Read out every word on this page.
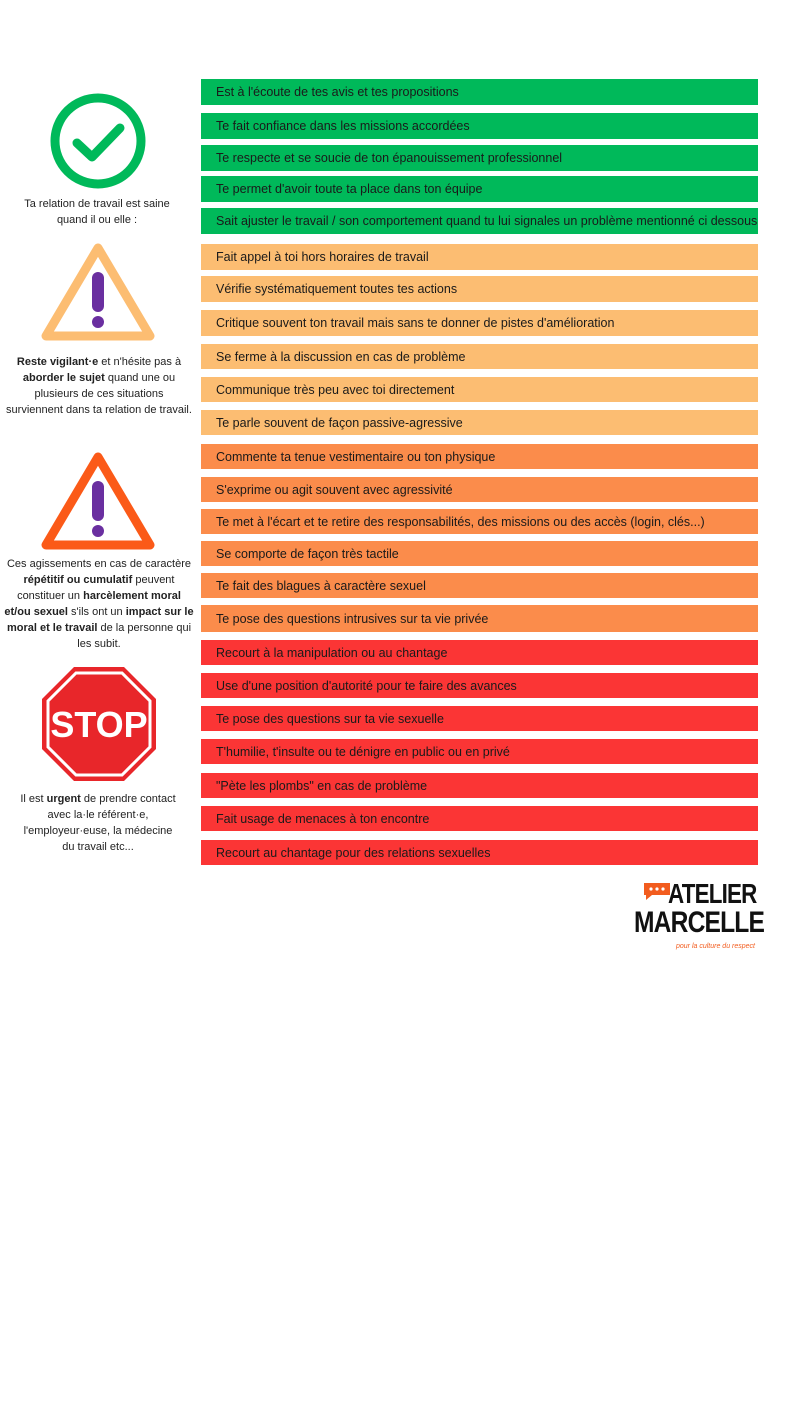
Ta relation de travail est saine quand il ou elle :
Reste vigilant·e et n'hésite pas à aborder le sujet quand une ou plusieurs de ces situations surviennent dans ta relation de travail.
Ces agissements en cas de caractère répétitif ou cumulatif peuvent constituer un harcèlement moral et/ou sexuel s'ils ont un impact sur le moral et le travail de la personne qui les subit.
STOP
Il est urgent de prendre contact avec la·le référent·e, l'employeur·euse, la médecine du travail etc...
Est à l'écoute de tes avis et tes propositions
Te fait confiance dans les missions accordées
Te respecte et se soucie de ton épanouissement professionnel
Te permet d'avoir toute ta place dans ton équipe
Sait ajuster le travail / son comportement quand tu lui signales un problème mentionné ci dessous
Fait appel à toi hors horaires de travail
Vérifie systématiquement toutes tes actions
Critique souvent ton travail mais sans te donner de pistes d'amélioration
Se ferme à la discussion en cas de problème
Communique très peu avec toi directement
Te parle souvent de façon passive-agressive
Commente ta tenue vestimentaire ou ton physique
S'exprime ou agit souvent avec agressivité
Te met à l'écart et te retire des responsabilités, des missions ou des accès (login, clés...)
Se comporte de façon très tactile
Te fait des blagues à caractère sexuel
Te pose des questions intrusives sur ta vie privée
Recourt à la manipulation ou au chantage
Use d'une position d'autorité pour te faire des avances
Te pose des questions sur ta vie sexuelle
T'humilie, t'insulte ou te dénigre en public ou en privé
"Pète les plombs" en cas de problème
Fait usage de menaces à ton encontre
Recourt au chantage pour des relations sexuelles
ATELIER
MARCELLE
pour la culture du respect
